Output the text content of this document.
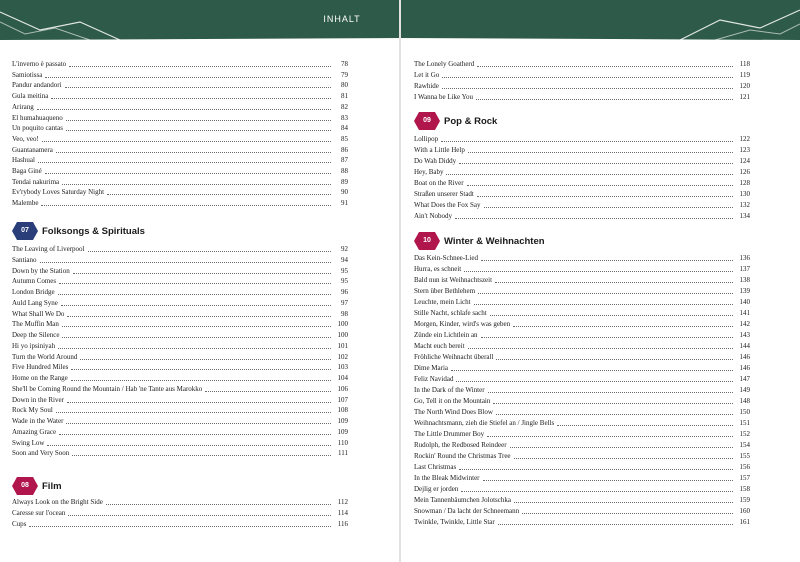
INHALT
L'inverno è passato	78
Samiotissa	79
Pandur andandori	80
Gula meitina	81
Arirang	82
El humahuaqueno	83
Un poquito cantas	84
Veo, veo!	85
Guantanamera	86
Hashual	87
Baga Giné	88
Tendai nakurima	89
Ev'rybody Loves Saturday Night	90
Malembe	91
07	Folksongs & Spirituals
The Leaving of Liverpool	92
Santiano	94
Down by the Station	95
Autumn Comes	95
London Bridge	96
Auld Lang Syne	97
What Shall We Do	98
The Muffin Man	100
Deep the Silence	100
Hi yo ipsiniyah	101
Turn the World Around	102
Five Hundred Miles	103
Home on the Range	104
She'll be Coming Round the Mountain / Hab 'ne Tante aus Marokko	106
Down in the River	107
Rock My Soul	108
Wade in the Water	109
Amazing Grace	109
Swing Low	110
Soon and Very Soon	111
08	Film
Always Look on the Bright Side	112
Caresse sur l'ocean	114
Cups	116
The Lonely Goatherd	118
Let it Go	119
Rawhide	120
I Wanna be Like You	121
09	Pop & Rock
Lollipop	122
With a Little Help	123
Do Wah Diddy	124
Hey, Baby	126
Boat on the River	128
Straßen unserer Stadt	130
What Does the Fox Say	132
Ain't Nobody	134
10	Winter & Weihnachten
Das Kein-Schnee-Lied	136
Hurra, es schneit	137
Bald nun ist Weihnachtszeit	138
Stern über Bethlehem	139
Leuchte, mein Licht	140
Stille Nacht, schlafe sacht	141
Morgen, Kinder, wird's was geben	142
Zünde ein Lichtlein an	143
Macht euch bereit	144
Fröhliche Weihnacht überall	146
Dime Maria	146
Feliz Navidad	147
In the Dark of the Winter	149
Go, Tell it on the Mountain	148
The North Wind Does Blow	150
Weihnachtsmann, zieh die Stiefel an / Jingle Bells	151
The Little Drummer Boy	152
Rudolph, the Redbosed Reindeer	154
Rockin' Round the Christmas Tree	155
Last Christmas	156
In the Bleak Midwinter	157
Dejlig er jorden	158
Mein Tannenbäumchen Jolotschka	159
Snowman / Da lacht der Schneemann	160
Twinkle, Twinkle, Little Star	161
